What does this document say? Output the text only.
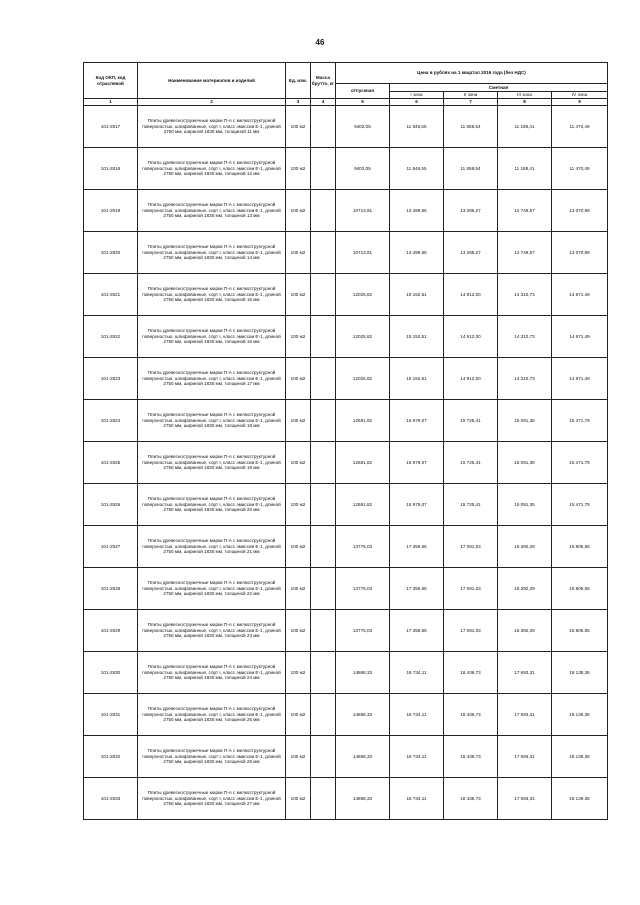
46
Код ОКП, код отраслевой	Наименование материалов и изделий	Ед. изм.	Масса брутто, кг	Цена в рублях на 1 квартал 2016 года (без НДС)				
				отпускная	Сметная			
					I зона	II зона	III зона	IV зона
1	2	3	4	5	6	7	8	9
101-2817	Плиты древесностружечные марки П-А с мелкоструктурной поверхностью, шлифованные, сорт I, класс эмиссии Е-1, длиной 2750 мм, шириной 1830 мм, толщиной 11 мм	100 м2		9402,05	11 846,55	11 658,54	11 188,41	11 470,49
101-2818	Плиты древесностружечные марки П-А с мелкоструктурной поверхностью, шлифованные, сорт I, класс эмиссии Е-1, длиной 2750 мм, шириной 1830 мм, толщиной 12 мм	100 м2		9402,05	11 846,55	11 658,54	11 188,41	11 470,49
101-2819	Плиты древесностружечные марки П-А с мелкоструктурной поверхностью, шлифованные, сорт I, класс эмиссии Е-1, длиной 2750 мм, шириной 1830 мм, толщиной 13 мм	100 м2		10713,91	13 499,55	13 285,27	12 749,57	13 070,99
101-2820	Плиты древесностружечные марки П-А с мелкоструктурной поверхностью, шлифованные, сорт I, класс эмиссии Е-1, длиной 2750 мм, шириной 1830 мм, толщиной 14 мм	100 м2		10713,91	13 499,55	13 285,27	12 749,57	13 070,99
101-2821	Плиты древесностружечные марки П-А с мелкоструктурной поверхностью, шлифованные, сорт I, класс эмиссии Е-1, длиной 2750 мм, шириной 1830 мм, толщиной 15 мм	100 м2		12025,82	15 152,51	14 912,00	14 310,73	14 671,49
101-2822	Плиты древесностружечные марки П-А с мелкоструктурной поверхностью, шлифованные, сорт I, класс эмиссии Е-1, длиной 2750 мм, шириной 1830 мм, толщиной 16 мм	100 м2		12025,82	15 152,51	14 912,00	14 310,73	14 671,49
101-2823	Плиты древесностружечные марки П-А с мелкоструктурной поверхностью, шлифованные, сорт I, класс эмиссии Е-1, длиной 2750 мм, шириной 1830 мм, толщиной 17 мм	100 м2		12025,82	15 152,51	14 912,00	14 310,73	14 671,49
101-2824	Плиты древесностружечные марки П-А с мелкоструктурной поверхностью, шлифованные, сорт I, класс эмиссии Е-1, длиной 2750 мм, шириной 1830 мм, толщиной 18 мм	100 м2		12681,82	15 979,07	15 725,41	15 091,35	15 471,79
101-2825	Плиты древесностружечные марки П-А с мелкоструктурной поверхностью, шлифованные, сорт I, класс эмиссии Е-1, длиной 2750 мм, шириной 1830 мм, толщиной 19 мм	100 м2		12681,82	15 979,07	15 725,41	15 091,35	15 471,79
101-2826	Плиты древесностружечные марки П-А с мелкоструктурной поверхностью, шлифованные, сорт I, класс эмиссии Е-1, длиной 2750 мм, шириной 1830 мм, толщиной 20 мм	100 м2		12681,82	15 979,07	15 725,41	15 091,35	15 471,79
101-2827	Плиты древесностружечные марки П-А с мелкоструктурной поверхностью, шлифованные, сорт I, класс эмиссии Е-1, длиной 2750 мм, шириной 1830 мм, толщиной 21 мм	100 м2		13775,03	17 356,55	17 081,03	16 392,29	16 805,55
101-2828	Плиты древесностружечные марки П-А с мелкоструктурной поверхностью, шлифованные, сорт I, класс эмиссии Е-1, длиной 2750 мм, шириной 1830 мм, толщиной 22 мм	100 м2		13775,03	17 356,55	17 081,03	16 392,29	16 805,55
101-2829	Плиты древесностружечные марки П-А с мелкоструктурной поверхностью, шлифованные, сорт I, класс эмиссии Е-1, длиной 2750 мм, шириной 1830 мм, толщиной 23 мм	100 м2		13775,03	17 356,55	17 081,03	16 392,29	16 805,55
101-2830	Плиты древесностружечные марки П-А с мелкоструктурной поверхностью, шлифованные, сорт I, класс эмиссии Е-1, длиной 2750 мм, шириной 1830 мм, толщиной 24 мм	100 м2		14868,33	18 734,11	18 436,73	17 693,31	18 139,36
101-2831	Плиты древесностружечные марки П-А с мелкоструктурной поверхностью, шлифованные, сорт I, класс эмиссии Е-1, длиной 2750 мм, шириной 1830 мм, толщиной 25 мм	100 м2		14868,33	18 734,11	18 436,73	17 693,31	18 139,36
101-2832	Плиты древесностружечные марки П-А с мелкоструктурной поверхностью, шлифованные, сорт I, класс эмиссии Е-1, длиной 2750 мм, шириной 1830 мм, толщиной 26 мм	100 м2		14868,33	18 734,11	18 436,73	17 693,31	18 139,36
101-2833	Плиты древесностружечные марки П-А с мелкоструктурной поверхностью, шлифованные, сорт I, класс эмиссии Е-1, длиной 2750 мм, шириной 1830 мм, толщиной 27 мм	100 м2		14868,33	18 734,11	18 436,73	17 693,31	18 139,36
